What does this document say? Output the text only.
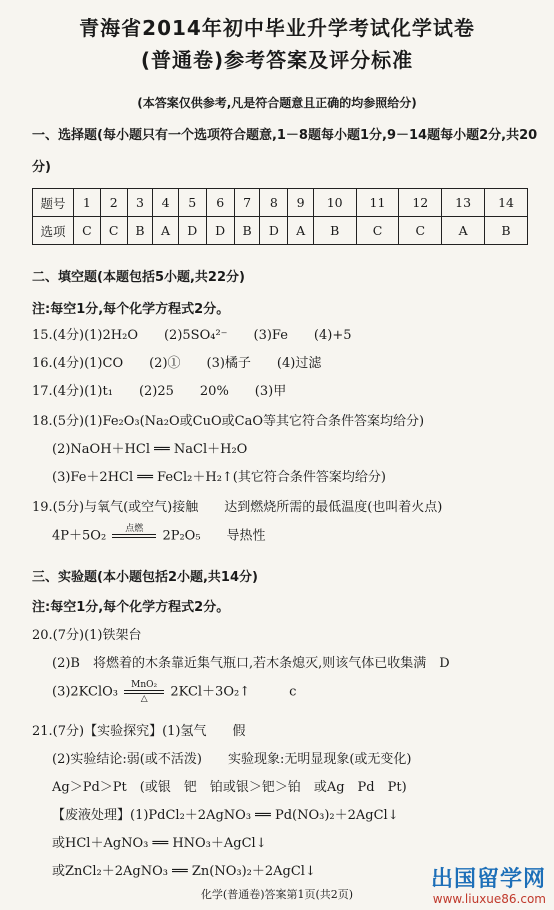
青海省2014年初中毕业升学考试化学试卷
(普通卷)参考答案及评分标准
(本答案仅供参考,凡是符合题意且正确的均参照给分)
一、选择题(每小题只有一个选项符合题意,1－8题每小题1分,9－14题每小题2分,共20
分)
题号	1	2	3	4	5	6	7	8	9	10	11	12	13	14
选项	C	C	B	A	D	D	B	D	A	B	C	C	A	B
二、填空题(本题包括5小题,共22分)
注:每空1分,每个化学方程式2分。
15.(4分)(1)2H₂O　　(2)5SO₄²⁻　　(3)Fe　　(4)+5
16.(4分)(1)CO　　(2)①　　(3)橘子　　(4)过滤
17.(4分)(1)t₁　　(2)25　　20%　　(3)甲
18.(5分)(1)Fe₂O₃(Na₂O或CuO或CaO等其它符合条件答案均给分)
(2)NaOH＋HCl ══ NaCl＋H₂O
(3)Fe＋2HCl ══ FeCl₂＋H₂↑(其它符合条件答案均给分)
19.(5分)与氧气(或空气)接触　　达到燃烧所需的最低温度(也叫着火点)
4P＋5O₂	点燃
	2P₂O₅　　导热性
三、实验题(本小题包括2小题,共14分)
注:每空1分,每个化学方程式2分。
20.(7分)(1)铁架台
(2)B　将燃着的木条靠近集气瓶口,若木条熄灭,则该气体已收集满　D
(3)2KClO₃	MnO₂
△	2KCl＋3O₂↑　　　c
21.(7分)【实验探究】(1)氢气　　假
(2)实验结论:弱(或不活泼)　　实验现象:无明显现象(或无变化)
Ag＞Pd＞Pt　(或银　钯　铂或银＞钯＞铂　或Ag　Pd　Pt)
【废液处理】(1)PdCl₂＋2AgNO₃ ══ Pd(NO₃)₂＋2AgCl↓
或HCl＋AgNO₃ ══ HNO₃＋AgCl↓
或ZnCl₂＋2AgNO₃ ══ Zn(NO₃)₂＋2AgCl↓
化学(普通卷)答案第1页(共2页)
出国留学网
www.liuxue86.com
